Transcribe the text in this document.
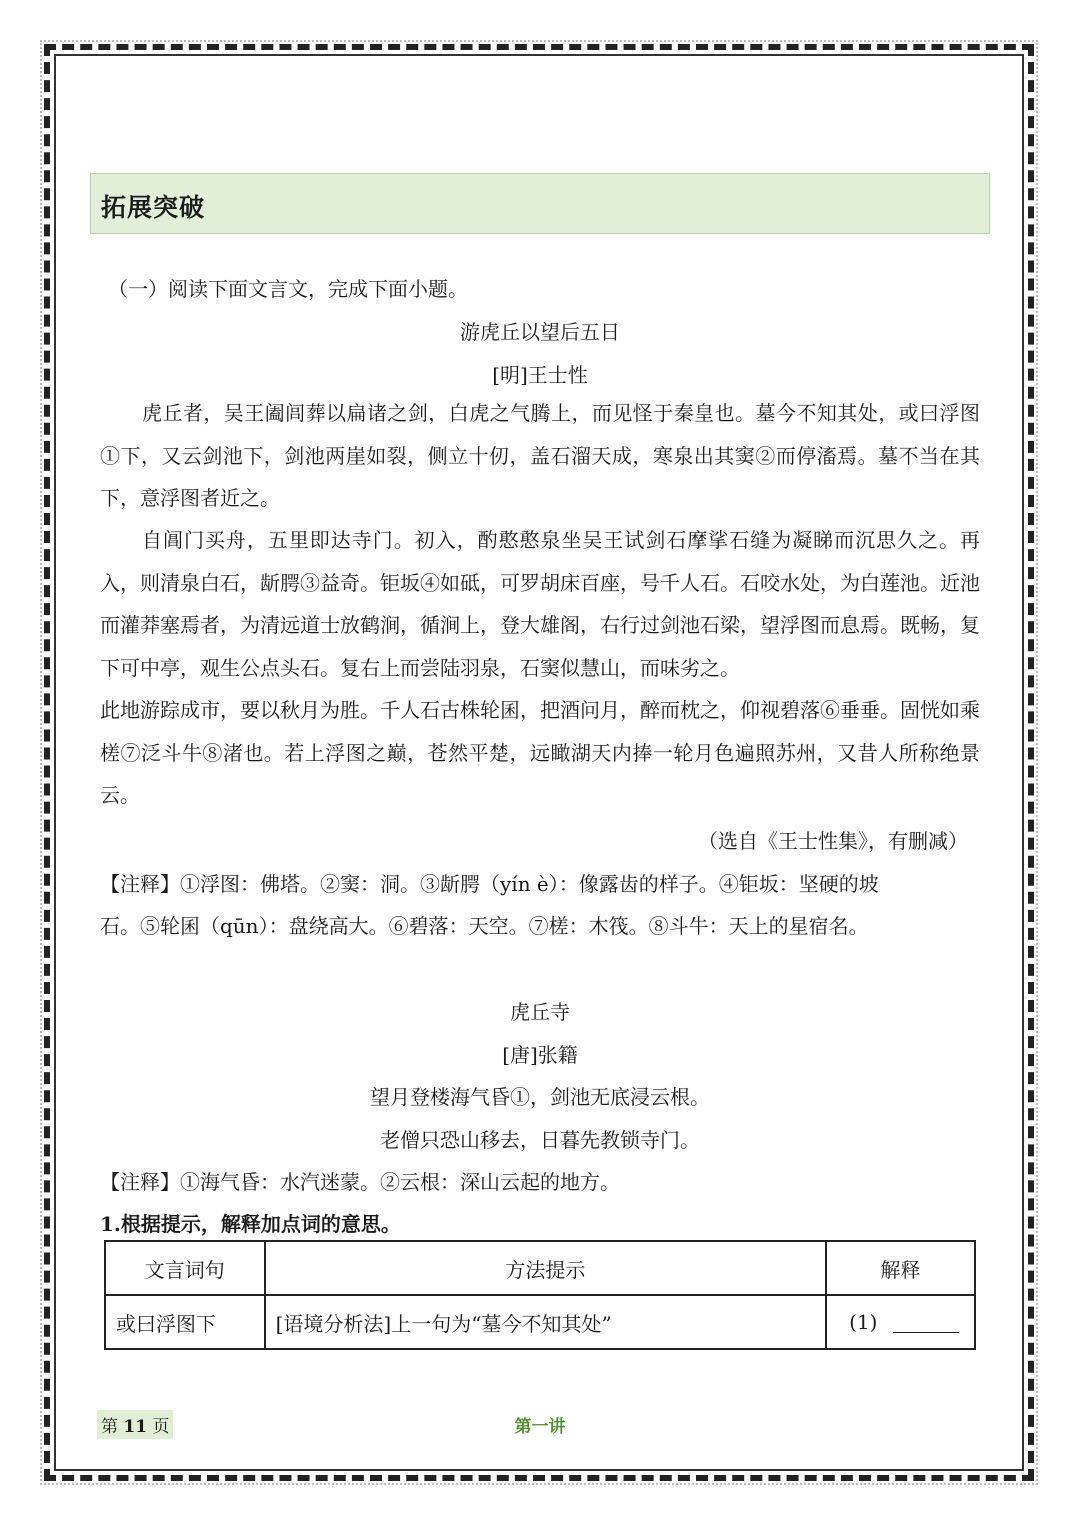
拓展突破
（一）阅读下面文言文，完成下面小题。
游虎丘以望后五日
[明]王士性
虎丘者，吴王阖闾葬以扁诸之剑，白虎之气腾上，而见怪于秦皇也。墓今不知其处，或曰浮图①下，又云剑池下，剑池两崖如裂，侧立十仞，盖石溜天成，寒泉出其窦②而停滀焉。墓不当在其下，意浮图者近之。
自阊门买舟，五里即达寺门。初入，酌憨憨泉坐吴王试剑石摩挲石缝为凝睇而沉思久之。再入，则清泉白石，龂腭③益奇。钜坂④如砥，可罗胡床百座，号千人石。石咬水处，为白莲池。近池而灌莽塞焉者，为清远道士放鹤涧，循涧上，登大雄阁，右行过剑池石梁，望浮图而息焉。既畅，复下可中亭，观生公点头石。复右上而尝陆羽泉，石窦似慧山，而味劣之。
此地游踪成市，要以秋月为胜。千人石古株轮囷，把酒问月，醉而枕之，仰视碧落⑥垂垂。固恍如乘槎⑦泛斗牛⑧渚也。若上浮图之巅，苍然平楚，远瞰湖天内捧一轮月色遍照苏州，又昔人所称绝景云。
（选自《王士性集》，有删减）
【注释】①浮图：佛塔。②窦：洞。③龂腭（yín è）：像露齿的样子。④钜坂：坚硬的坡
石。⑤轮囷（qūn）：盘绕高大。⑥碧落：天空。⑦槎：木筏。⑧斗牛：天上的星宿名。
虎丘寺
[唐]张籍
望月登楼海气昏①，剑池无底浸云根。
老僧只恐山移去，日暮先教锁寺门。
【注释】①海气昏：水汽迷蒙。②云根：深山云起的地方。
1.根据提示，解释加点词的意思。
文言词句	方法提示	解释
或曰浮图下	[语境分析法]上一句为“墓今不知其处”	(1)
第 11 页	第一讲
